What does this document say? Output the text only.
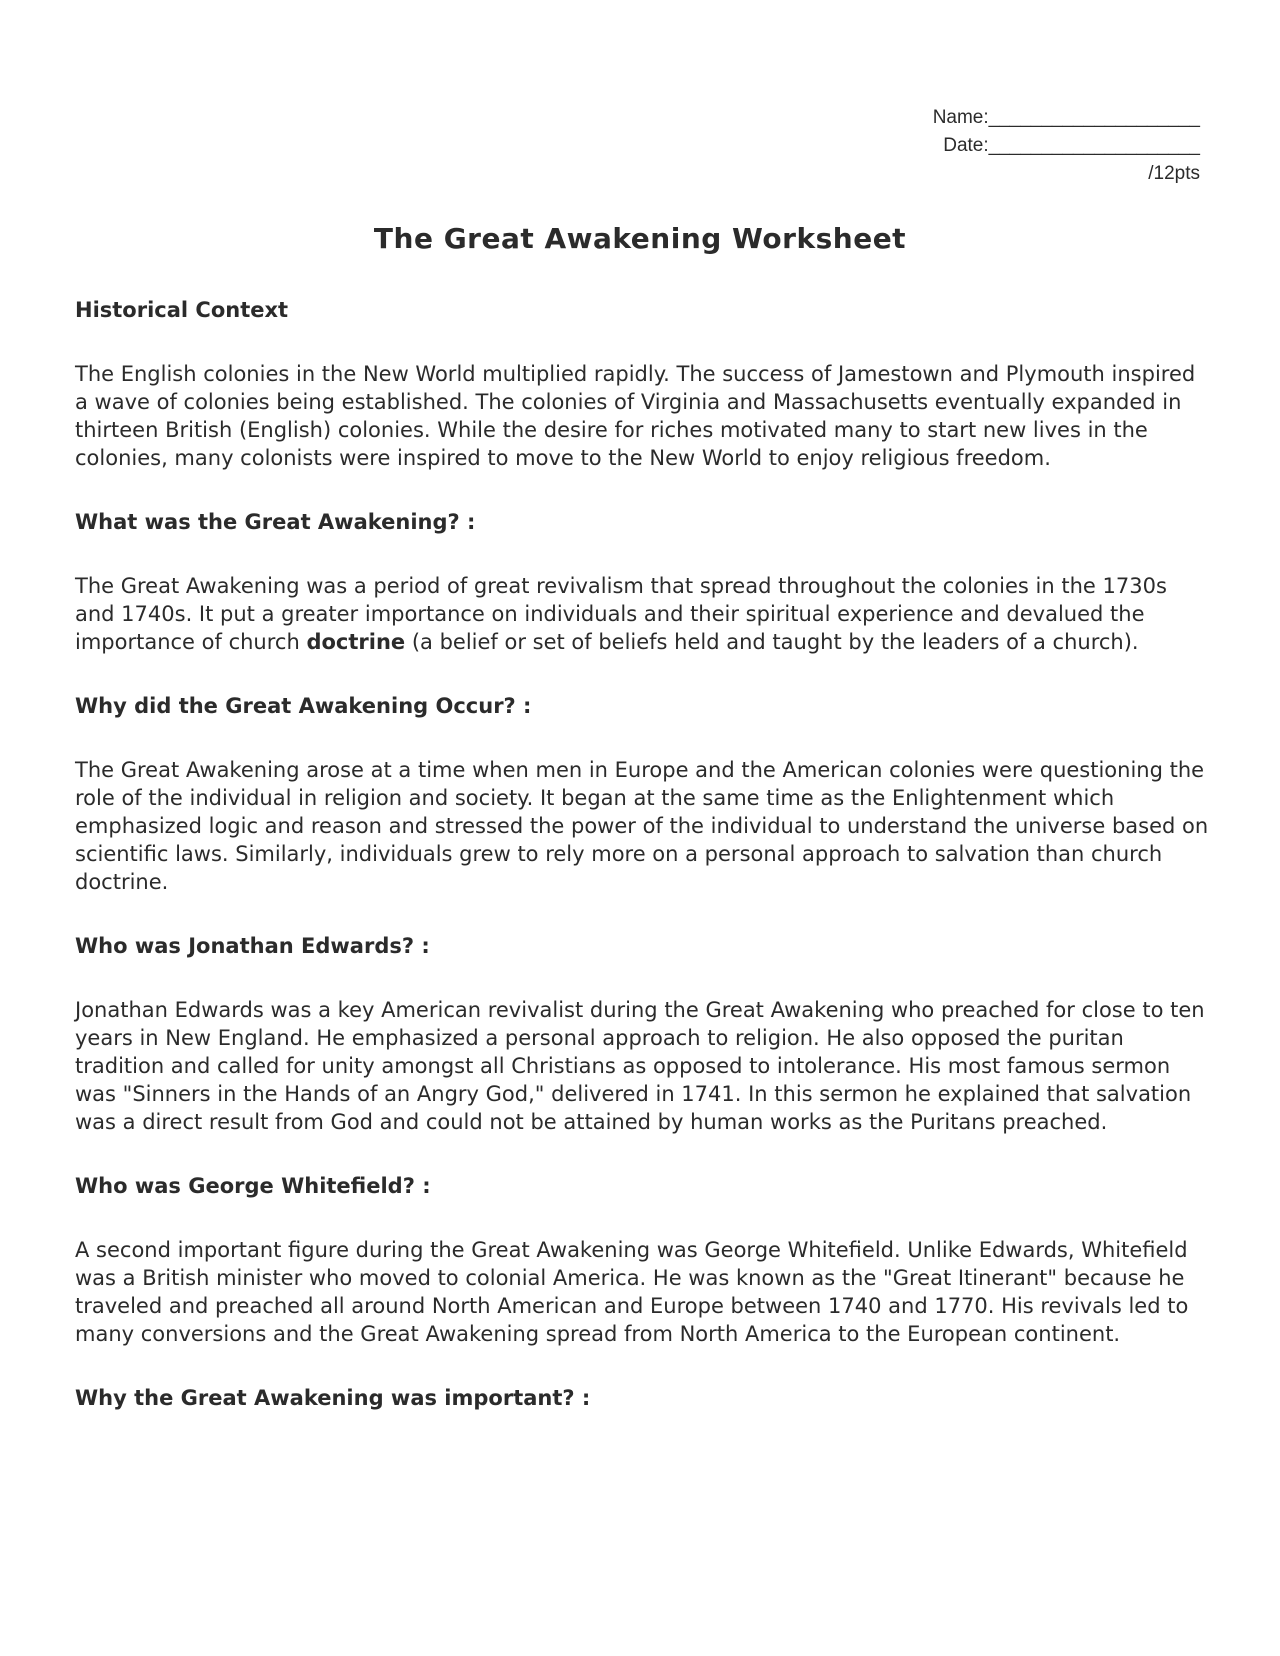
Name:____________________
Date:____________________
/12pts
The Great Awakening Worksheet
Historical Context
The English colonies in the New World multiplied rapidly. The success of Jamestown and Plymouth inspired a wave of colonies being established. The colonies of Virginia and Massachusetts eventually expanded in thirteen British (English) colonies. While the desire for riches motivated many to start new lives in the colonies, many colonists were inspired to move to the New World to enjoy religious freedom.
What was the Great Awakening? :
The Great Awakening was a period of great revivalism that spread throughout the colonies in the 1730s and 1740s. It put a greater importance on individuals and their spiritual experience and devalued the importance of church doctrine (a belief or set of beliefs held and taught by the leaders of a church).
Why did the Great Awakening Occur? :
The Great Awakening arose at a time when men in Europe and the American colonies were questioning the role of the individual in religion and society. It began at the same time as the Enlightenment which emphasized logic and reason and stressed the power of the individual to understand the universe based on scientific laws. Similarly, individuals grew to rely more on a personal approach to salvation than church doctrine.
Who was Jonathan Edwards? :
Jonathan Edwards was a key American revivalist during the Great Awakening who preached for close to ten years in New England. He emphasized a personal approach to religion. He also opposed the puritan tradition and called for unity amongst all Christians as opposed to intolerance. His most famous sermon was "Sinners in the Hands of an Angry God," delivered in 1741. In this sermon he explained that salvation was a direct result from God and could not be attained by human works as the Puritans preached.
Who was George Whitefield? :
A second important figure during the Great Awakening was George Whitefield. Unlike Edwards, Whitefield was a British minister who moved to colonial America. He was known as the "Great Itinerant" because he traveled and preached all around North American and Europe between 1740 and 1770. His revivals led to many conversions and the Great Awakening spread from North America to the European continent.
Why the Great Awakening was important? :
